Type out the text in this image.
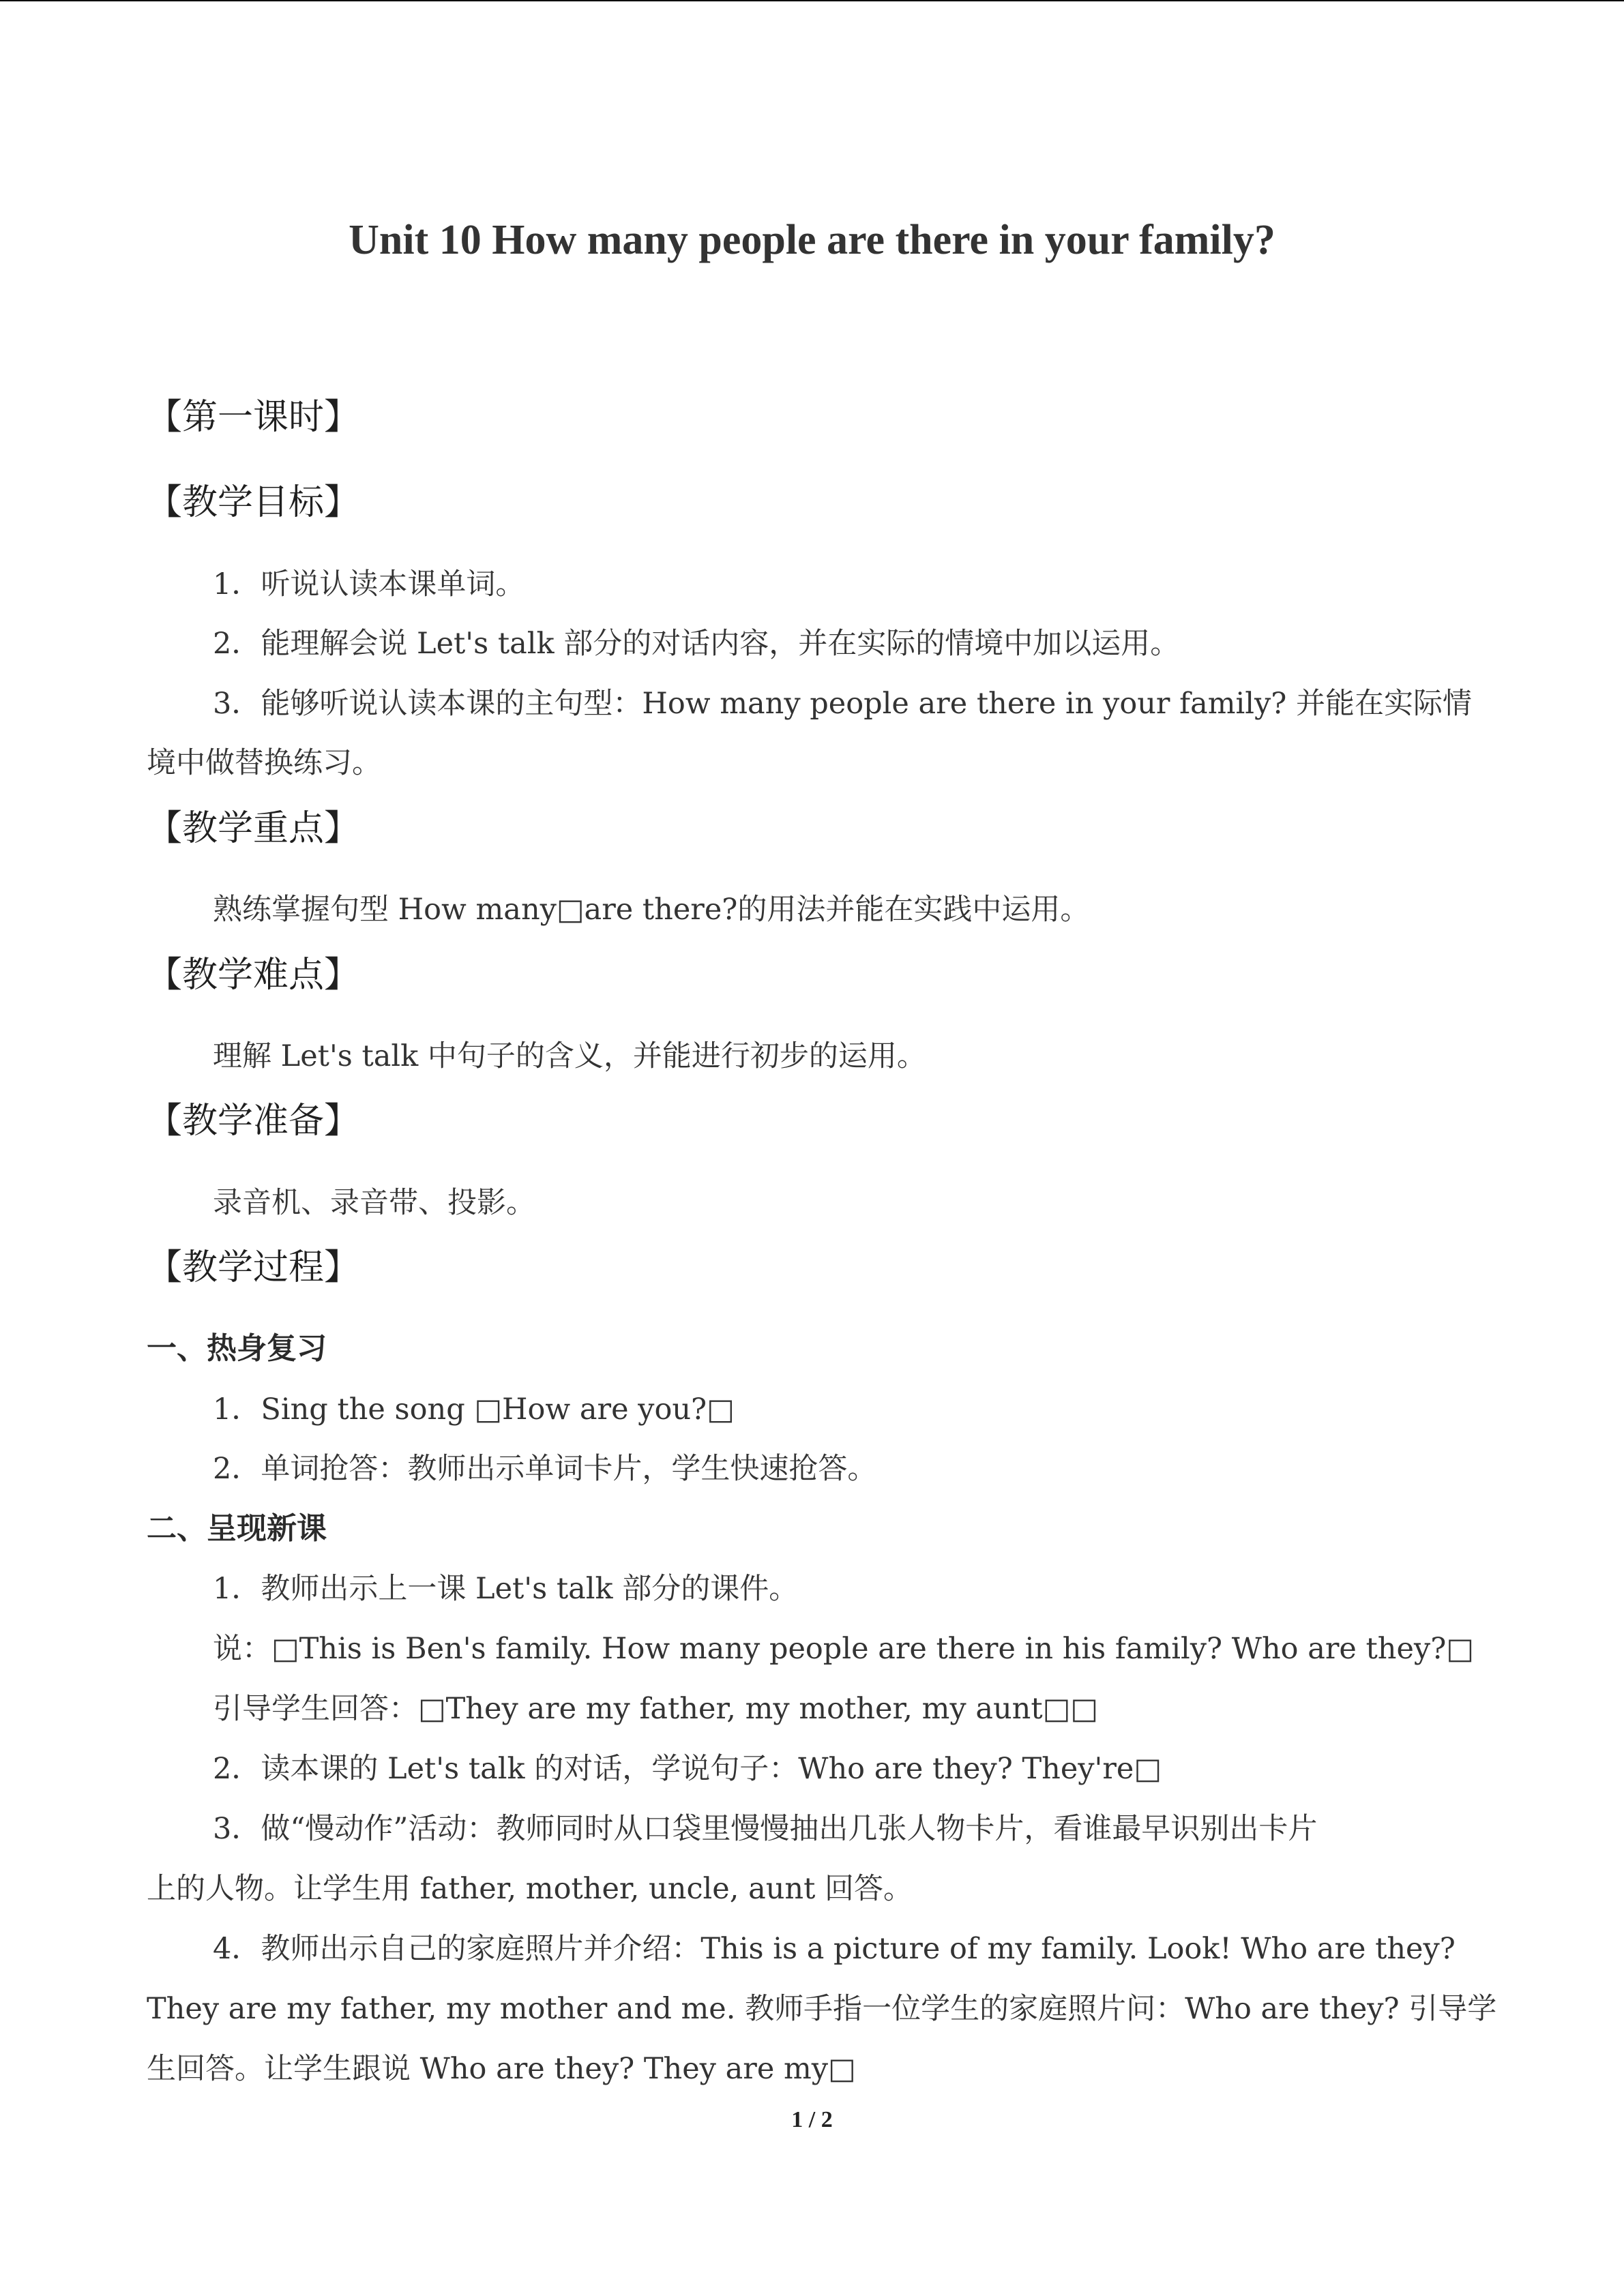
Unit 10 How many people are there in your family?
【第一课时】
【教学目标】
1．听说认读本课单词。
2．能理解会说 Let's talk 部分的对话内容，并在实际的情境中加以运用。
3．能够听说认读本课的主句型：How many people are there in your family? 并能在实际情
境中做替换练习。
【教学重点】
熟练掌握句型 How many□are there?的用法并能在实践中运用。
【教学难点】
理解 Let's talk 中句子的含义，并能进行初步的运用。
【教学准备】
录音机、录音带、投影。
【教学过程】
一、热身复习
1．Sing the song □How are you?□
2．单词抢答：教师出示单词卡片，学生快速抢答。
二、呈现新课
1．教师出示上一课 Let's talk 部分的课件。
说：□This is Ben's family. How many people are there in his family? Who are they?□
引导学生回答：□They are my father, my mother, my aunt□□
2．读本课的 Let's talk 的对话，学说句子：Who are they? They're□
3．做“慢动作”活动：教师同时从口袋里慢慢抽出几张人物卡片，看谁最早识别出卡片
上的人物。让学生用 father, mother, uncle, aunt 回答。
4．教师出示自己的家庭照片并介绍：This is a picture of my family. Look! Who are they?
They are my father, my mother and me. 教师手指一位学生的家庭照片问：Who are they? 引导学
生回答。让学生跟说 Who are they? They are my□
1 / 2
